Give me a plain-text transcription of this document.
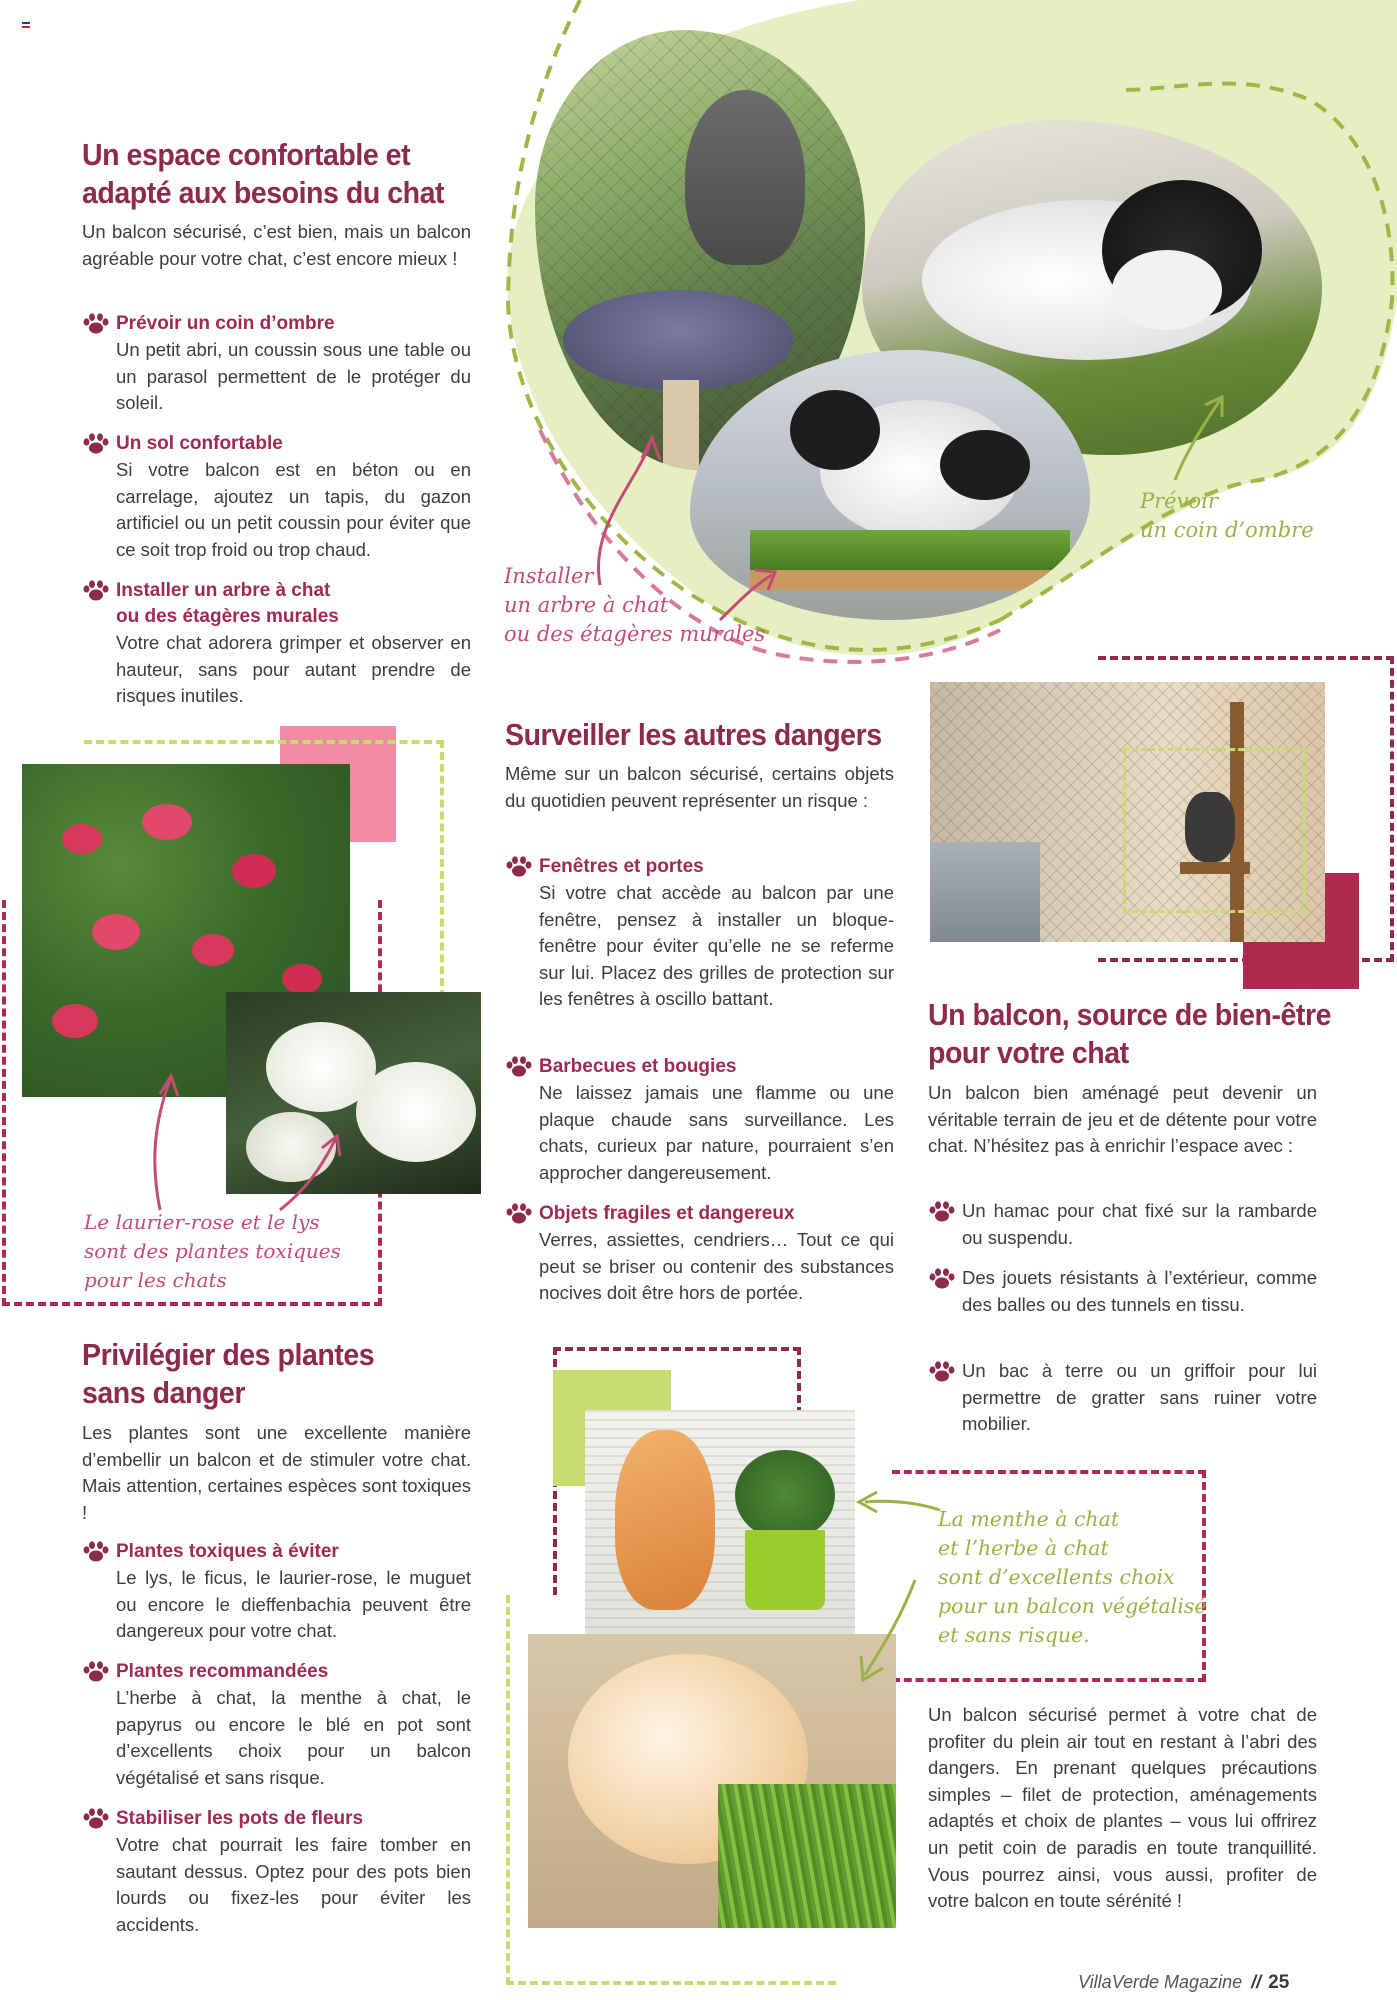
Prévoir
un coin d’ombre
Installer
un arbre à chat
ou des étagères murales
Un espace confortable et
adapté aux besoins du chat
Un balcon sécurisé, c’est bien, mais un balcon agréable pour votre chat, c’est encore mieux !
Prévoir un coin d’ombre
Un petit abri, un coussin sous une table ou un parasol permettent de le protéger du soleil.
Un sol confortable
Si votre balcon est en béton ou en carrelage, ajoutez un tapis, du gazon artificiel ou un petit coussin pour éviter que ce soit trop froid ou trop chaud.
Installer un arbre à chat
ou des étagères murales
Votre chat adorera grimper et observer en hauteur, sans pour autant prendre de risques inutiles.
Le laurier-rose et le lys
sont des plantes toxiques
pour les chats
Surveiller les autres dangers
Même sur un balcon sécurisé, certains objets du quotidien peuvent représenter un risque :
Fenêtres et portes
Si votre chat accède au balcon par une fenêtre, pensez à installer un bloque-fenêtre pour éviter qu’elle ne se referme sur lui. Placez des grilles de protection sur les fenêtres à oscillo battant.
Barbecues et bougies
Ne laissez jamais une flamme ou une plaque chaude sans surveillance. Les chats, curieux par nature, pourraient s’en approcher dangereusement.
Objets fragiles et dangereux
Verres, assiettes, cendriers… Tout ce qui peut se briser ou contenir des substances nocives doit être hors de portée.
Un balcon, source de bien-être
pour votre chat
Un balcon bien aménagé peut devenir un véritable terrain de jeu et de détente pour votre chat. N’hésitez pas à enrichir l’espace avec :
Un hamac pour chat fixé sur la rambarde ou suspendu.
Des jouets résistants à l’extérieur, comme des balles ou des tunnels en tissu.
Un bac à terre ou un griffoir pour lui permettre de gratter sans ruiner votre mobilier.
La menthe à chat
et l’herbe à chat
sont d’excellents choix
pour un balcon végétalisé
et sans risque.
Un balcon sécurisé permet à votre chat de profiter du plein air tout en restant à l’abri des dangers. En prenant quelques précautions simples – filet de protection, aménagements adaptés et choix de plantes – vous lui offrirez un petit coin de paradis en toute tranquillité. Vous pourrez ainsi, vous aussi, profiter de votre balcon en toute sérénité !
Privilégier des plantes
sans danger
Les plantes sont une excellente manière d’embellir un balcon et de stimuler votre chat. Mais attention, certaines espèces sont toxiques !
Plantes toxiques à éviter
Le lys, le ficus, le laurier-rose, le muguet ou encore le dieffenbachia peuvent être dangereux pour votre chat.
Plantes recommandées
L’herbe à chat, la menthe à chat, le papyrus ou encore le blé en pot sont d’excellents choix pour un balcon végétalisé et sans risque.
Stabiliser les pots de fleurs
Votre chat pourrait les faire tomber en sautant dessus. Optez pour des pots bien lourds ou fixez-les pour éviter les accidents.
VillaVerde Magazine // 25
